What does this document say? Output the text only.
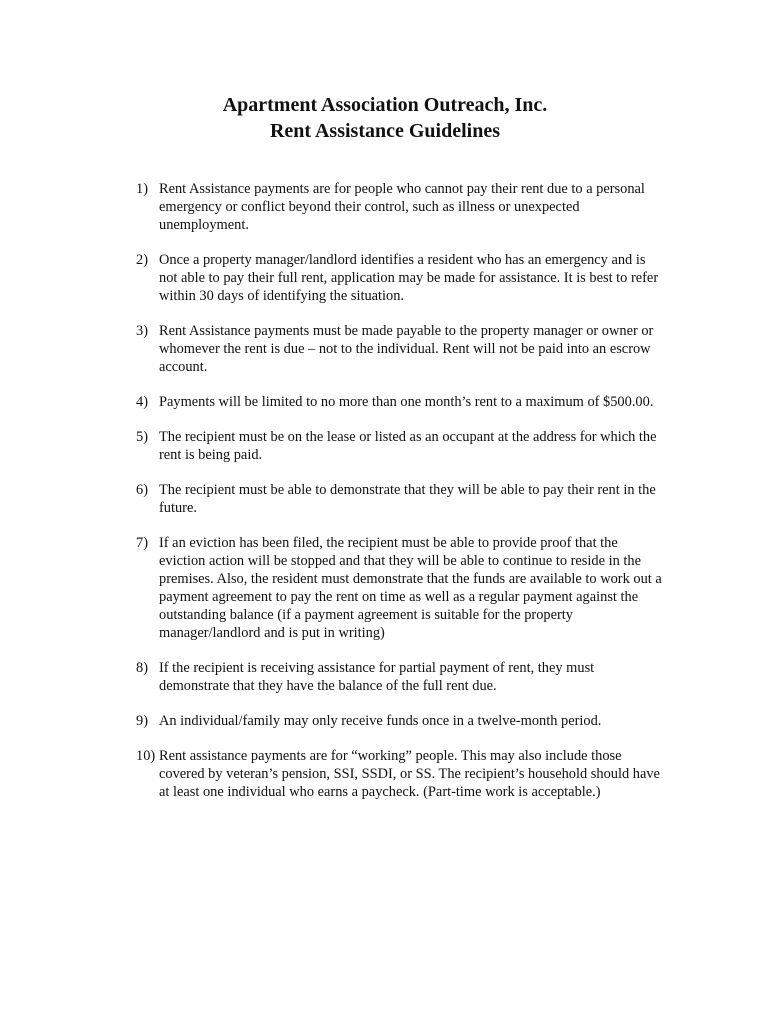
Apartment Association Outreach, Inc.

Rent Assistance Guidelines

1) Rent Assistance payments are for people who cannot pay their rent due to a personal emergency or conflict beyond their control, such as illness or unexpected unemployment.
2) Once a property manager/landlord identifies a resident who has an emergency and is not able to pay their full rent, application may be made for assistance. It is best to refer within 30 days of identifying the situation.
3) Rent Assistance payments must be made payable to the property manager or owner or whomever the rent is due – not to the individual. Rent will not be paid into an escrow account.
4) Payments will be limited to no more than one month’s rent to a maximum of $500.00.
5) The recipient must be on the lease or listed as an occupant at the address for which the rent is being paid.
6) The recipient must be able to demonstrate that they will be able to pay their rent in the future.
7) If an eviction has been filed, the recipient must be able to provide proof that the eviction action will be stopped and that they will be able to continue to reside in the premises. Also, the resident must demonstrate that the funds are available to work out a payment agreement to pay the rent on time as well as a regular payment against the outstanding balance (if a payment agreement is suitable for the property manager/landlord and is put in writing)
8) If the recipient is receiving assistance for partial payment of rent, they must demonstrate that they have the balance of the full rent due.
9) An individual/family may only receive funds once in a twelve-month period.
10) Rent assistance payments are for “working” people. This may also include those covered by veteran’s pension, SSI, SSDI, or SS. The recipient’s household should have at least one individual who earns a paycheck. (Part-time work is acceptable.)
